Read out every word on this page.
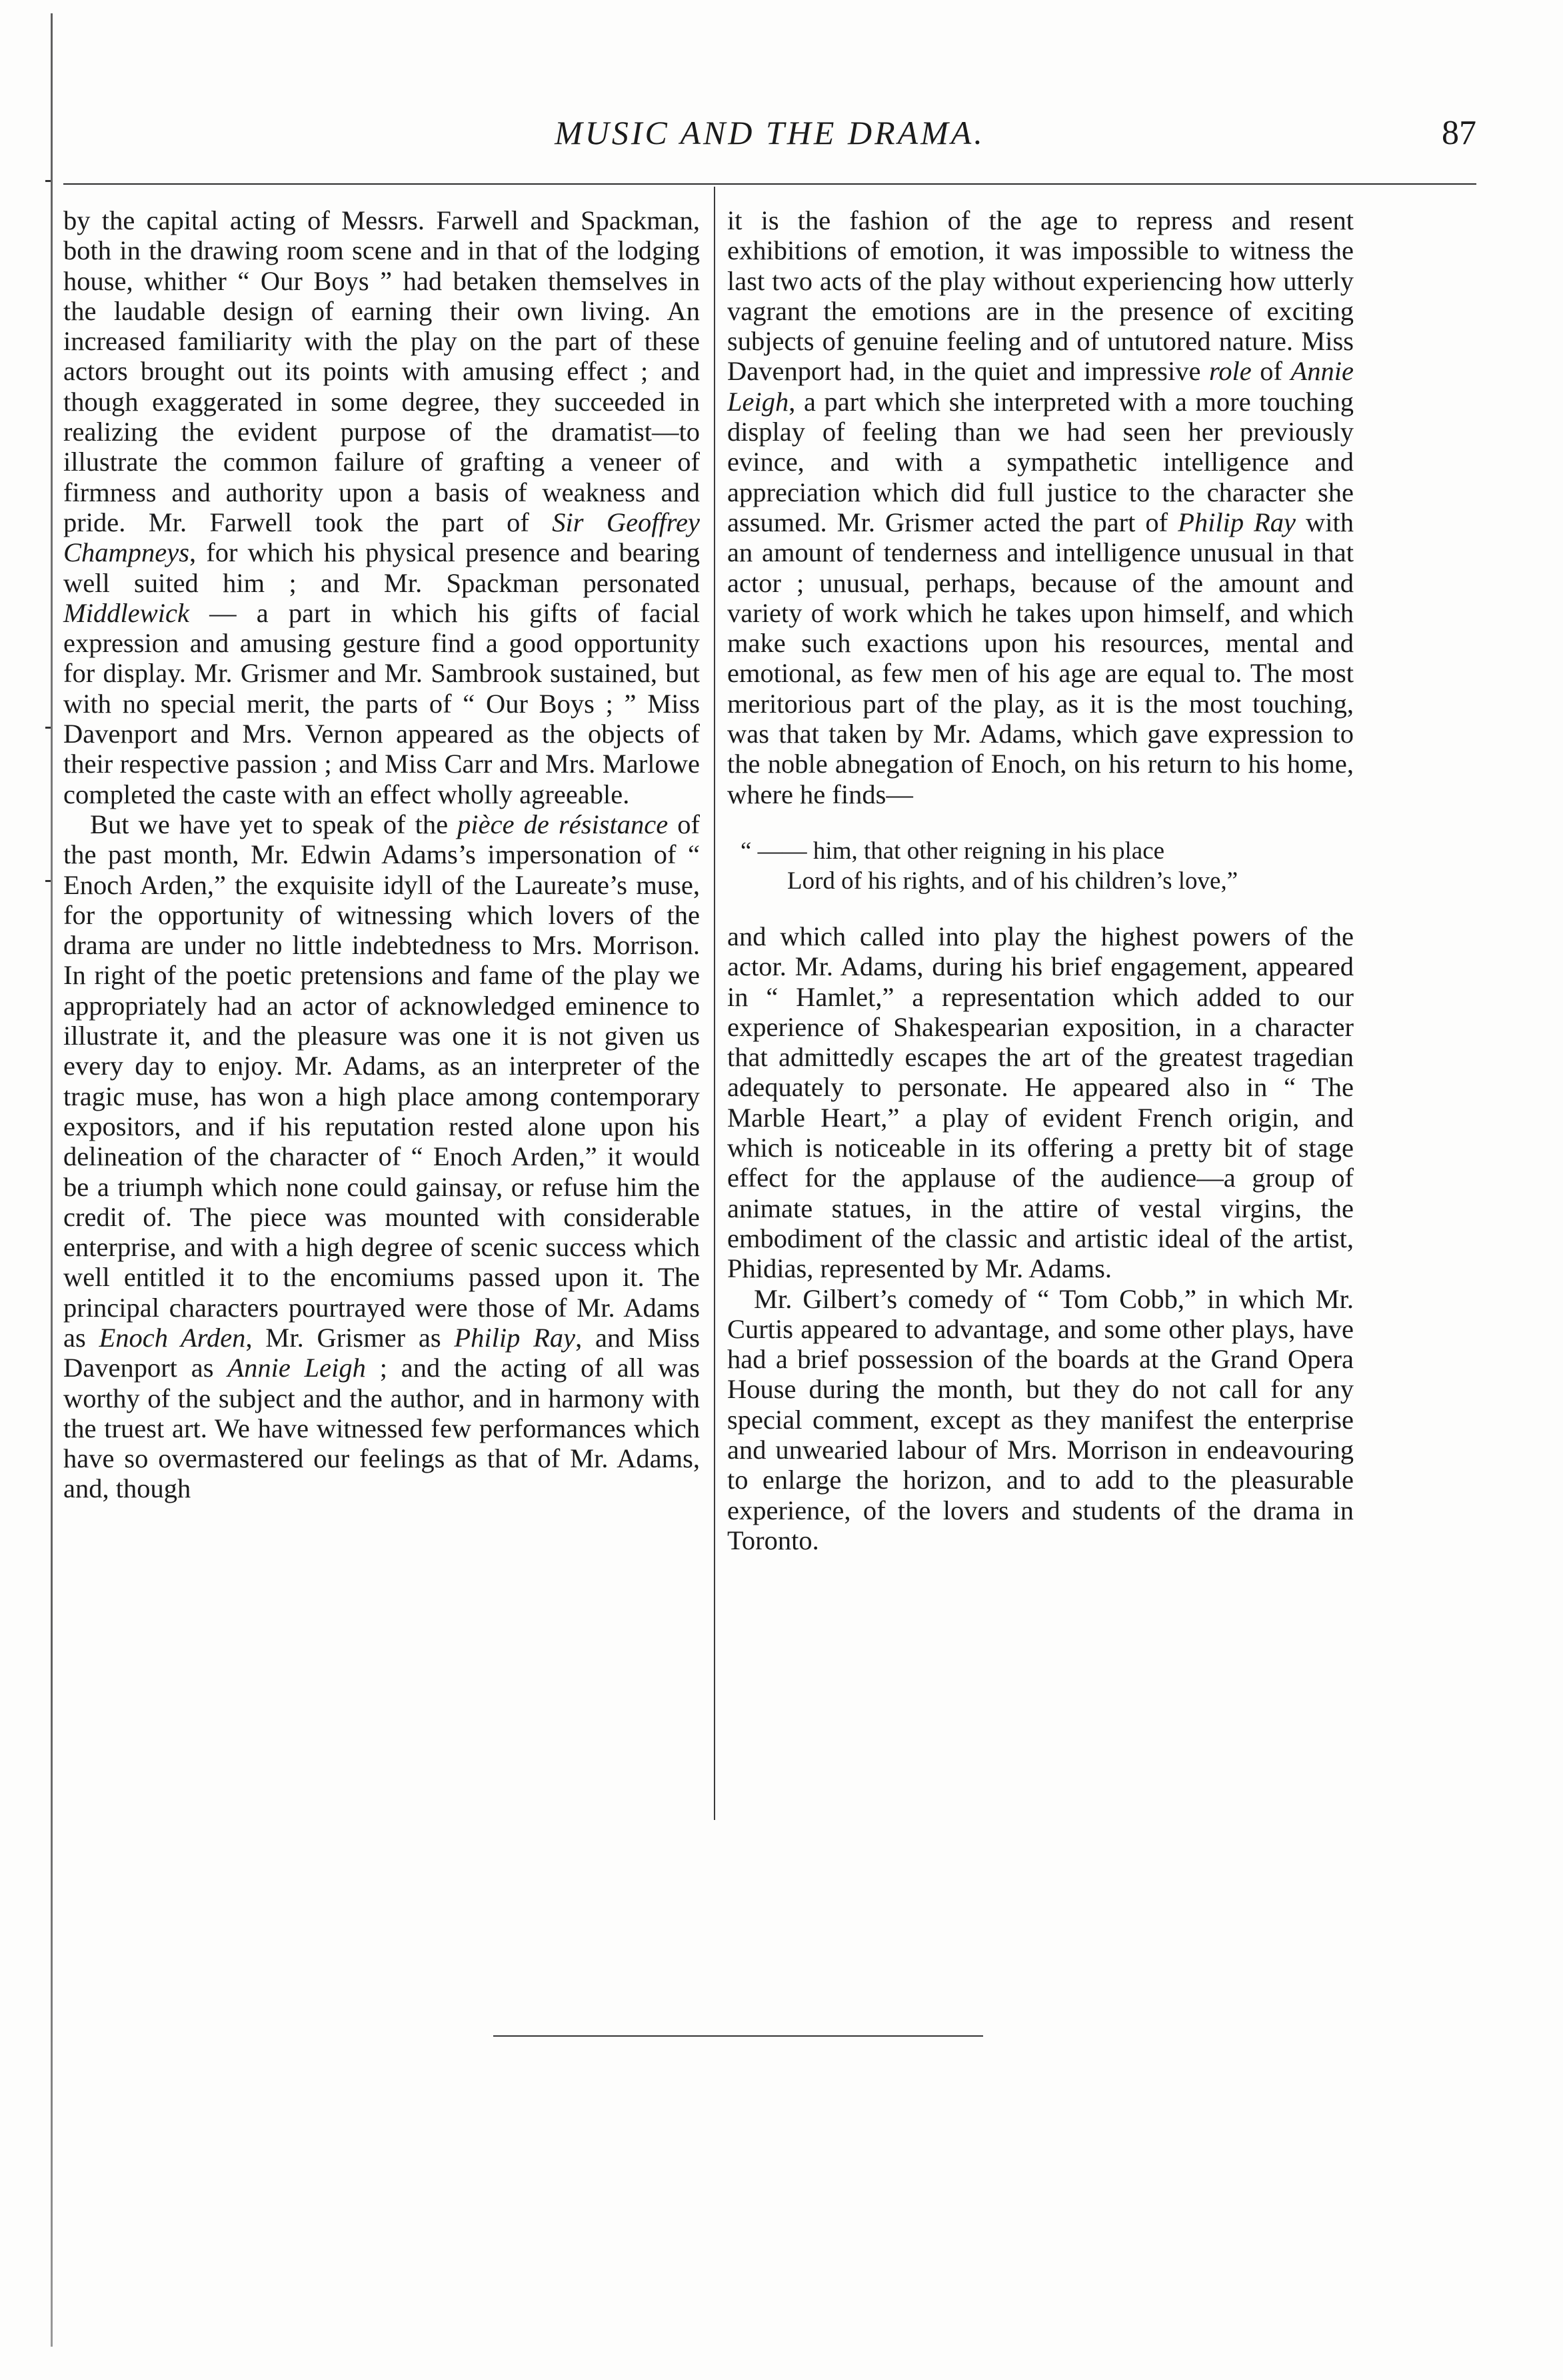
MUSIC AND THE DRAMA.	87

by the capital acting of Messrs. Farwell and Spackman, both in the drawing room scene and in that of the lodging house, whither “ Our Boys ” had betaken themselves in the laudable design of earning their own living. An increased familiarity with the play on the part of these actors brought out its points with amusing effect ; and though exaggerated in some degree, they succeeded in realizing the evident purpose of the dramatist—to illustrate the common failure of grafting a veneer of firmness and authority upon a basis of weakness and pride. Mr. Farwell took the part of Sir Geoffrey Champneys, for which his physical presence and bearing well suited him ; and Mr. Spackman personated Middlewick — a part in which his gifts of facial expression and amusing gesture find a good opportunity for display. Mr. Grismer and Mr. Sambrook sustained, but with no special merit, the parts of “ Our Boys ; ” Miss Davenport and Mrs. Vernon appeared as the objects of their respective passion ; and Miss Carr and Mrs. Marlowe completed the caste with an effect wholly agreeable.

But we have yet to speak of the pièce de résistance of the past month, Mr. Edwin Adams’s impersonation of “ Enoch Arden,” the exquisite idyll of the Laureate’s muse, for the opportunity of witnessing which lovers of the drama are under no little indebtedness to Mrs. Morrison. In right of the poetic pretensions and fame of the play we appropriately had an actor of acknowledged eminence to illustrate it, and the pleasure was one it is not given us every day to enjoy. Mr. Adams, as an interpreter of the tragic muse, has won a high place among contemporary expositors, and if his reputation rested alone upon his delineation of the character of “ Enoch Arden,” it would be a triumph which none could gainsay, or refuse him the credit of. The piece was mounted with considerable enterprise, and with a high degree of scenic success which well entitled it to the encomiums passed upon it. The principal characters pourtrayed were those of Mr. Adams as Enoch Arden, Mr. Grismer as Philip Ray, and Miss Davenport as Annie Leigh ; and the acting of all was worthy of the subject and the author, and in harmony with the truest art. We have witnessed few performances which have so overmastered our feelings as that of Mr. Adams, and, though

it is the fashion of the age to repress and resent exhibitions of emotion, it was impossible to witness the last two acts of the play without experiencing how utterly vagrant the emotions are in the presence of exciting subjects of genuine feeling and of untutored nature. Miss Davenport had, in the quiet and impressive role of Annie Leigh, a part which she interpreted with a more touching display of feeling than we had seen her previously evince, and with a sympathetic intelligence and appreciation which did full justice to the character she assumed. Mr. Grismer acted the part of Philip Ray with an amount of tenderness and intelligence unusual in that actor ; unusual, perhaps, because of the amount and variety of work which he takes upon himself, and which make such exactions upon his resources, mental and emotional, as few men of his age are equal to. The most meritorious part of the play, as it is the most touching, was that taken by Mr. Adams, which gave expression to the noble abnegation of Enoch, on his return to his home, where he finds—

“ —— him, that other reigning in his place
Lord of his rights, and of his children’s love,”

and which called into play the highest powers of the actor. Mr. Adams, during his brief engagement, appeared in “ Hamlet,” a representation which added to our experience of Shakespearian exposition, in a character that admittedly escapes the art of the greatest tragedian adequately to personate. He appeared also in “ The Marble Heart,” a play of evident French origin, and which is noticeable in its offering a pretty bit of stage effect for the applause of the audience—a group of animate statues, in the attire of vestal virgins, the embodiment of the classic and artistic ideal of the artist, Phidias, represented by Mr. Adams.

Mr. Gilbert’s comedy of “ Tom Cobb,” in which Mr. Curtis appeared to advantage, and some other plays, have had a brief possession of the boards at the Grand Opera House during the month, but they do not call for any special comment, except as they manifest the enterprise and unwearied labour of Mrs. Morrison in endeavouring to enlarge the horizon, and to add to the pleasurable experience, of the lovers and students of the drama in Toronto.
